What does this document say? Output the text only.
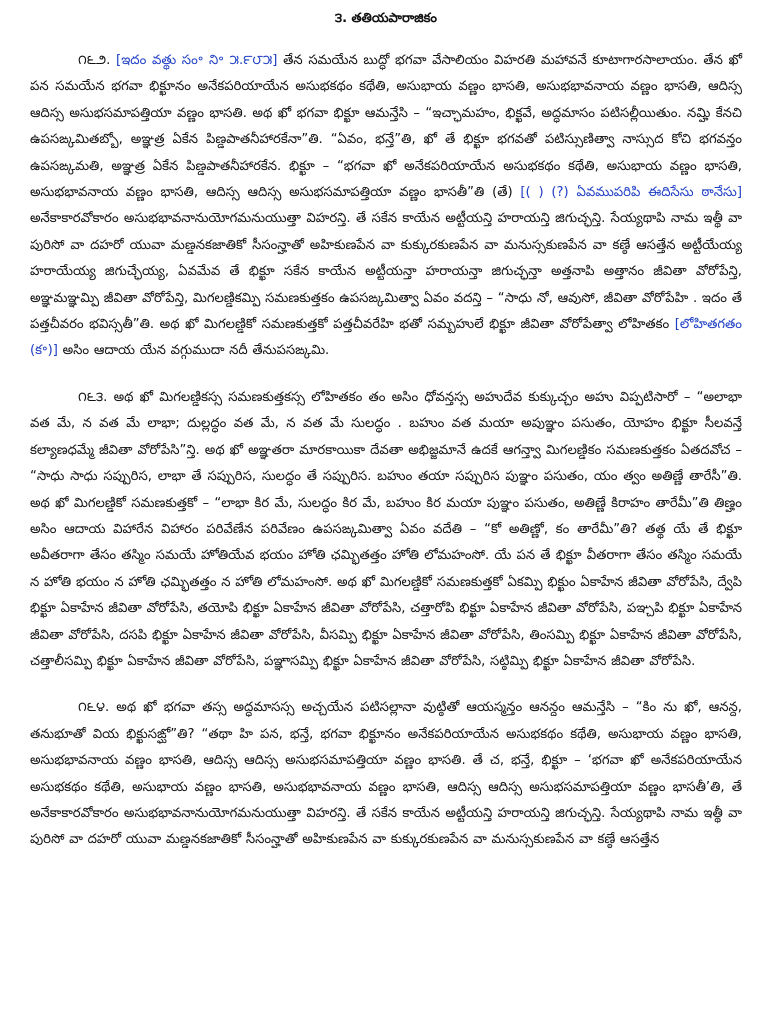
౩. తతియపారాజికం

౧౬౨. [ఇదం వత్థు సం॰ ని॰ ౫.౯౮౫] తేన సమయేన బుద్ధో భగవా వేసాలియం విహరతి మహావనే కూటాగారసాలాయం. తేన ఖో పన సమయేన భగవా భిక్ఖూనం అనేకపరియాయేన అసుభకథం కథేతి, అసుభాయ వణ్ణం భాసతి, అసుభభావనాయ వణ్ణం భాసతి, ఆదిస్స ఆదిస్స అసుభసమాపత్తియా వణ్ణం భాసతి. అథ ఖో భగవా భిక్ఖూ ఆమన్తేసి – “ఇచ్ఛామహం, భిక్ఖవే, అద్ధమాసం పటిసల్లీయితుం. నమ్హి కేనచి ఉపసఙ్కమితబ్బో, అఞ్ఞత్ర ఏకేన పిణ్డపాతనీహారకేనా”తి. “ఏవం, భన్తే”తి, ఖో తే భిక్ఖూ భగవతో పటిస్సుణిత్వా నాస్సుద కోచి భగవన్తం ఉపసఙ్కమతి, అఞ్ఞత్ర ఏకేన పిణ్డపాతనీహారకేన. భిక్ఖూ – “భగవా ఖో అనేకపరియాయేన అసుభకథం కథేతి, అసుభాయ వణ్ణం భాసతి, అసుభభావనాయ వణ్ణం భాసతి, ఆదిస్స ఆదిస్స అసుభసమాపత్తియా వణ్ణం భాసతీ”తి (తే) [( ) (?) ఏవముపరిపి ఈదిసేసు ఠానేసు] అనేకాకారవోకారం అసుభభావనానుయోగమనుయుత్తా విహరన్తి. తే సకేన కాయేన అట్టీయన్తి హరాయన్తి జిగుచ్ఛన్తి. సేయ్యథాపి నామ ఇత్థీ వా పురిసో వా దహరో యువా మణ్డనకజాతికో సీసంన్హాతో అహికుణపేన వా కుక్కురకుణపేన వా మనుస్సకుణపేన వా కణ్ఠే ఆసత్తేన అట్టీయేయ్య హరాయేయ్య జిగుచ్ఛేయ్య, ఏవమేవ తే భిక్ఖూ సకేన కాయేన అట్టీయన్తా హరాయన్తా జిగుచ్ఛన్తా అత్తనాపి అత్తానం జీవితా వోరోపేన్తి, అఞ్ఞమఞ్ఞమ్పి జీవితా వోరోపేన్తి, మిగలణ్డికమ్పి సమణకుత్తకం ఉపసఙ్కమిత్వా ఏవం వదన్తి – “సాధు నో, ఆవుసో, జీవితా వోరోపేహి . ఇదం తే పత్తచీవరం భవిస్సతీ”తి. అథ ఖో మిగలణ్డికో సమణకుత్తకో పత్తచీవరేహి భతో సమ్బహులే భిక్ఖూ జీవితా వోరోపేత్వా లోహితకం [లోహితగతం (క॰)] అసిం ఆదాయ యేన వగ్గుముదా నదీ తేనుపసఙ్కమి.

౧౬౩. అథ ఖో మిగలణ్డికస్స సమణకుత్తకస్స లోహితకం తం అసిం ధోవన్తస్స అహుదేవ కుక్కుచ్చం అహు విప్పటిసారో – “అలాభా వత మే, న వత మే లాభా; దుల్లద్ధం వత మే, న వత మే సులద్ధం . బహుం వత మయా అపుఞ్ఞం పసుతం, యోహం భిక్ఖూ సీలవన్తే కల్యాణధమ్మే జీవితా వోరోపేసి”న్తి. అథ ఖో అఞ్ఞతరా మారకాయికా దేవతా అభిజ్జమానే ఉదకే ఆగన్త్వా మిగలణ్డికం సమణకుత్తకం ఏతదవోచ – “సాధు సాధు సప్పురిస, లాభా తే సప్పురిస, సులద్ధం తే సప్పురిస. బహుం తయా సప్పురిస పుఞ్ఞం పసుతం, యం త్వం అతిణ్ణే తారేసీ”తి. అథ ఖో మిగలణ్డికో సమణకుత్తకో – “లాభా కిర మే, సులద్ధం కిర మే, బహుం కిర మయా పుఞ్ఞం పసుతం, అతిణ్ణే కిరాహం తారేమీ”తి తిణ్హం అసిం ఆదాయ విహారేన విహారం పరివేణేన పరివేణం ఉపసఙ్కమిత్వా ఏవం వదేతి – “కో అతిణ్ణో, కం తారేమీ”తి? తత్థ యే తే భిక్ఖూ అవీతరాగా తేసం తస్మిం సమయే హోతియేవ భయం హోతి ఛమ్భితత్తం హోతి లోమహంసో. యే పన తే భిక్ఖూ వీతరాగా తేసం తస్మిం సమయే న హోతి భయం న హోతి ఛమ్భితత్తం న హోతి లోమహంసో. అథ ఖో మిగలణ్డికో సమణకుత్తకో ఏకమ్పి భిక్ఖుం ఏకాహేన జీవితా వోరోపేసి, ద్వేపి భిక్ఖూ ఏకాహేన జీవితా వోరోపేసి, తయోపి భిక్ఖూ ఏకాహేన జీవితా వోరోపేసి, చత్తారోపి భిక్ఖూ ఏకాహేన జీవితా వోరోపేసి, పఞ్చపి భిక్ఖూ ఏకాహేన జీవితా వోరోపేసి, దసపి భిక్ఖూ ఏకాహేన జీవితా వోరోపేసి, వీసమ్పి భిక్ఖూ ఏకాహేన జీవితా వోరోపేసి, తింసమ్పి భిక్ఖూ ఏకాహేన జీవితా వోరోపేసి, చత్తాలీసమ్పి భిక్ఖూ ఏకాహేన జీవితా వోరోపేసి, పఞ్ఞాసమ్పి భిక్ఖూ ఏకాహేన జీవితా వోరోపేసి, సట్ఠిమ్పి భిక్ఖూ ఏకాహేన జీవితా వోరోపేసి.

౧౬౪. అథ ఖో భగవా తస్స అద్ధమాసస్స అచ్చయేన పటిసల్లానా వుట్ఠితో ఆయస్మన్తం ఆనన్దం ఆమన్తేసి – “కిం ను ఖో, ఆనన్ద, తనుభూతో వియ భిక్ఖుసఙ్ఘో”తి? “తథా హి పన, భన్తే, భగవా భిక్ఖూనం అనేకపరియాయేన అసుభకథం కథేతి, అసుభాయ వణ్ణం భాసతి, అసుభభావనాయ వణ్ణం భాసతి, ఆదిస్స ఆదిస్స అసుభసమాపత్తియా వణ్ణం భాసతి. తే చ, భన్తే, భిక్ఖూ – ‘భగవా ఖో అనేకపరియాయేన అసుభకథం కథేతి, అసుభాయ వణ్ణం భాసతి, అసుభభావనాయ వణ్ణం భాసతి, ఆదిస్స ఆదిస్స అసుభసమాపత్తియా వణ్ణం భాసతీ’తి, తే అనేకాకారవోకారం అసుభభావనానుయోగమనుయుత్తా విహరన్తి. తే సకేన కాయేన అట్టీయన్తి హరాయన్తి జిగుచ్ఛన్తి. సేయ్యథాపి నామ ఇత్థీ వా పురిసో వా దహరో యువా మణ్డనకజాతికో సీసంన్హాతో అహికుణపేన వా కుక్కురకుణపేన వా మనుస్సకుణపేన వా కణ్ఠే ఆసత్తేన
